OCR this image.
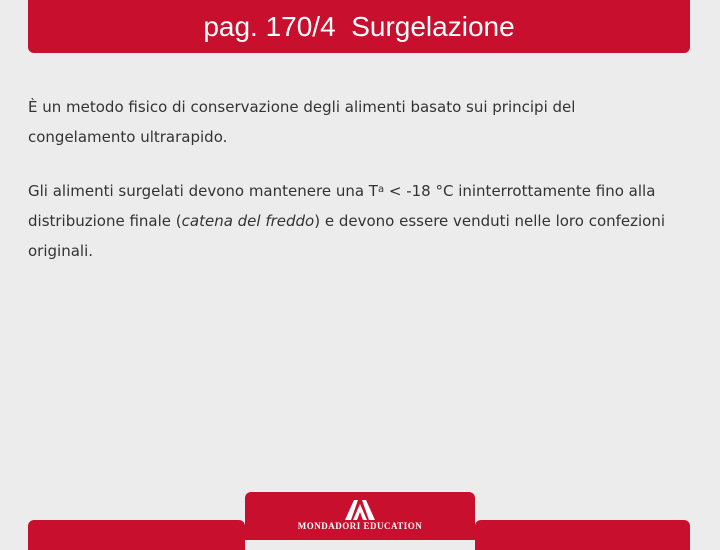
pag. 170/4  Surgelazione

È un metodo fisico di conservazione degli alimenti basato sui principi del
congelamento ultrarapido.

Gli alimenti surgelati devono mantenere una $T^a < -18$ °C ininterrottamente fino alla distribuzione finale (catena del freddo) e devono essere venduti nelle loro confezioni originali.

MONDADORI EDUCATION
